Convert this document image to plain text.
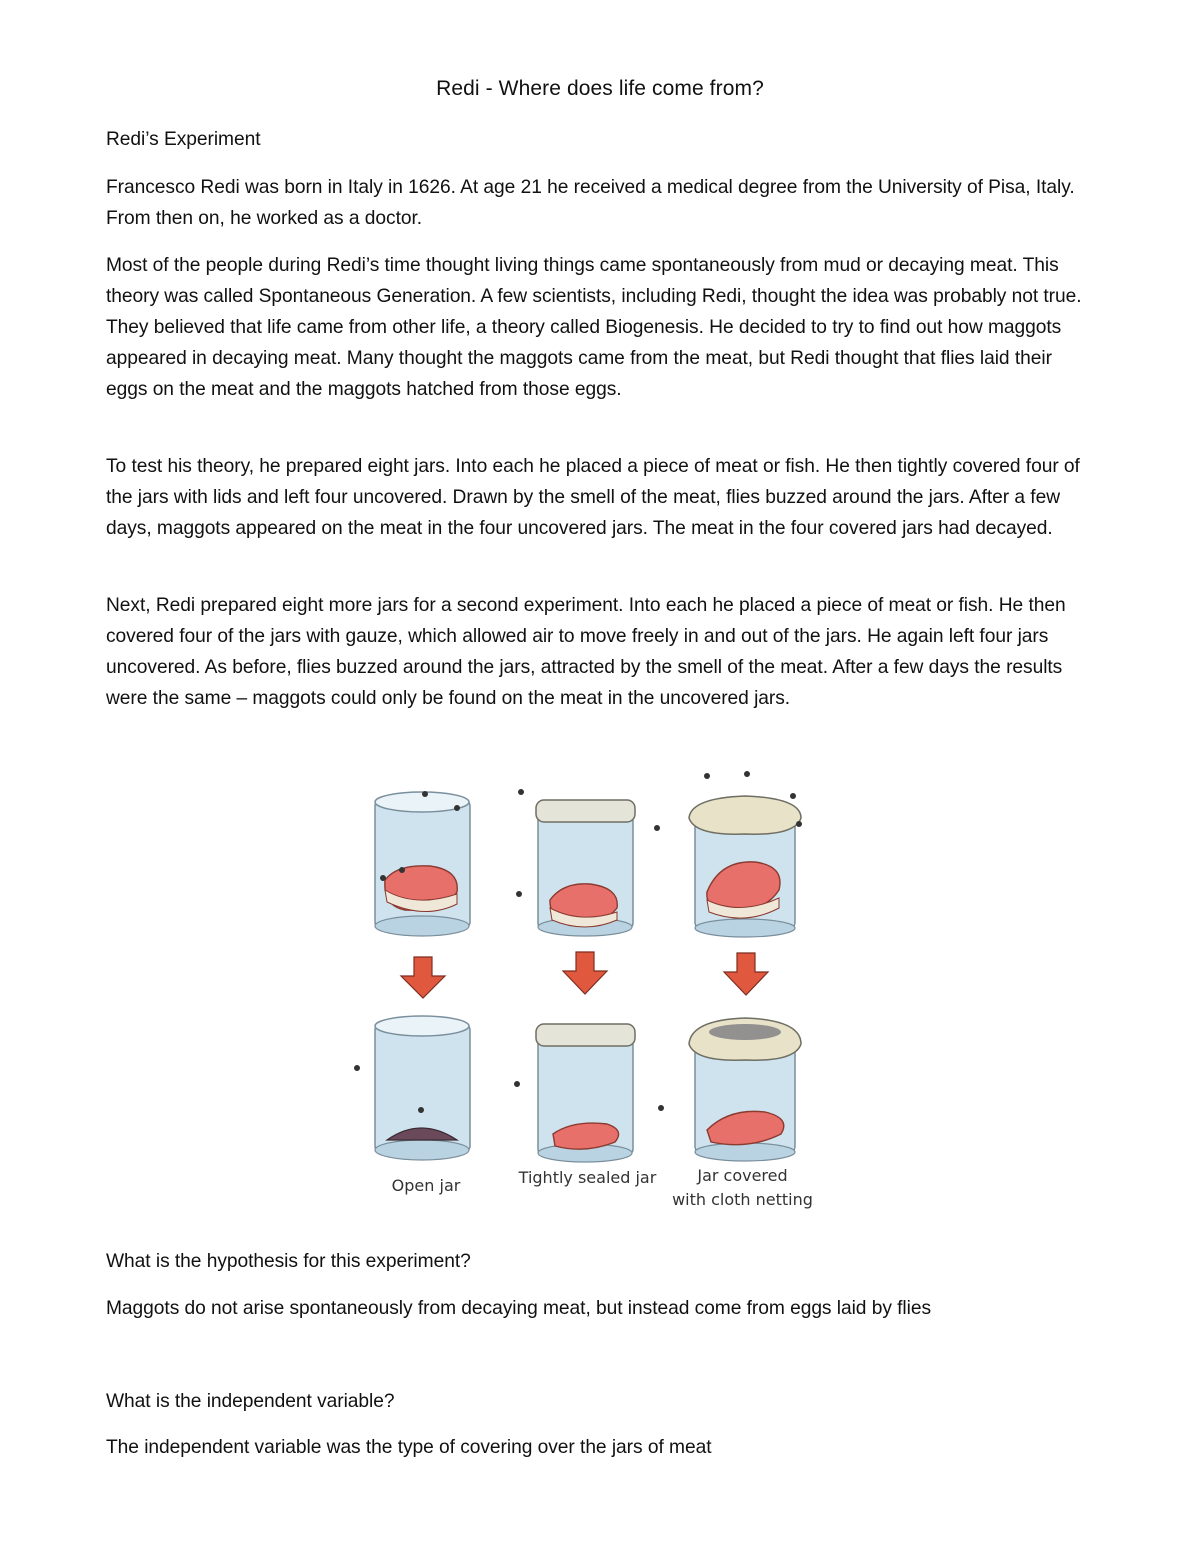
Redi - Where does life come from?
Redi’s Experiment

Francesco Redi was born in Italy in 1626. At age 21 he received a medical degree from the University of Pisa, Italy. From then on, he worked as a doctor.

Most of the people during Redi’s time thought living things came spontaneously from mud or decaying meat. This theory was called Spontaneous Generation. A few scientists, including Redi, thought the idea was probably not true. They believed that life came from other life, a theory called Biogenesis. He decided to try to find out how maggots appeared in decaying meat. Many thought the maggots came from the meat, but Redi thought that flies laid their eggs on the meat and the maggots hatched from those eggs.

To test his theory, he prepared eight jars. Into each he placed a piece of meat or fish. He then tightly covered four of the jars with lids and left four uncovered. Drawn by the smell of the meat, flies buzzed around the jars. After a few days, maggots appeared on the meat in the four uncovered jars. The meat in the four covered jars had decayed.

Next, Redi prepared eight more jars for a second experiment. Into each he placed a piece of meat or fish. He then covered four of the jars with gauze, which allowed air to move freely in and out of the jars. He again left four jars uncovered. As before, flies buzzed around the jars, attracted by the smell of the meat. After a few days the results were the same – maggots could only be found on the meat in the uncovered jars.

Open jar	Tightly sealed jar	Jar covered
with cloth netting
What is the hypothesis for this experiment?
Maggots do not arise spontaneously from decaying meat, but instead come from eggs laid by flies
What is the independent variable?
The independent variable was the type of covering over the jars of meat
